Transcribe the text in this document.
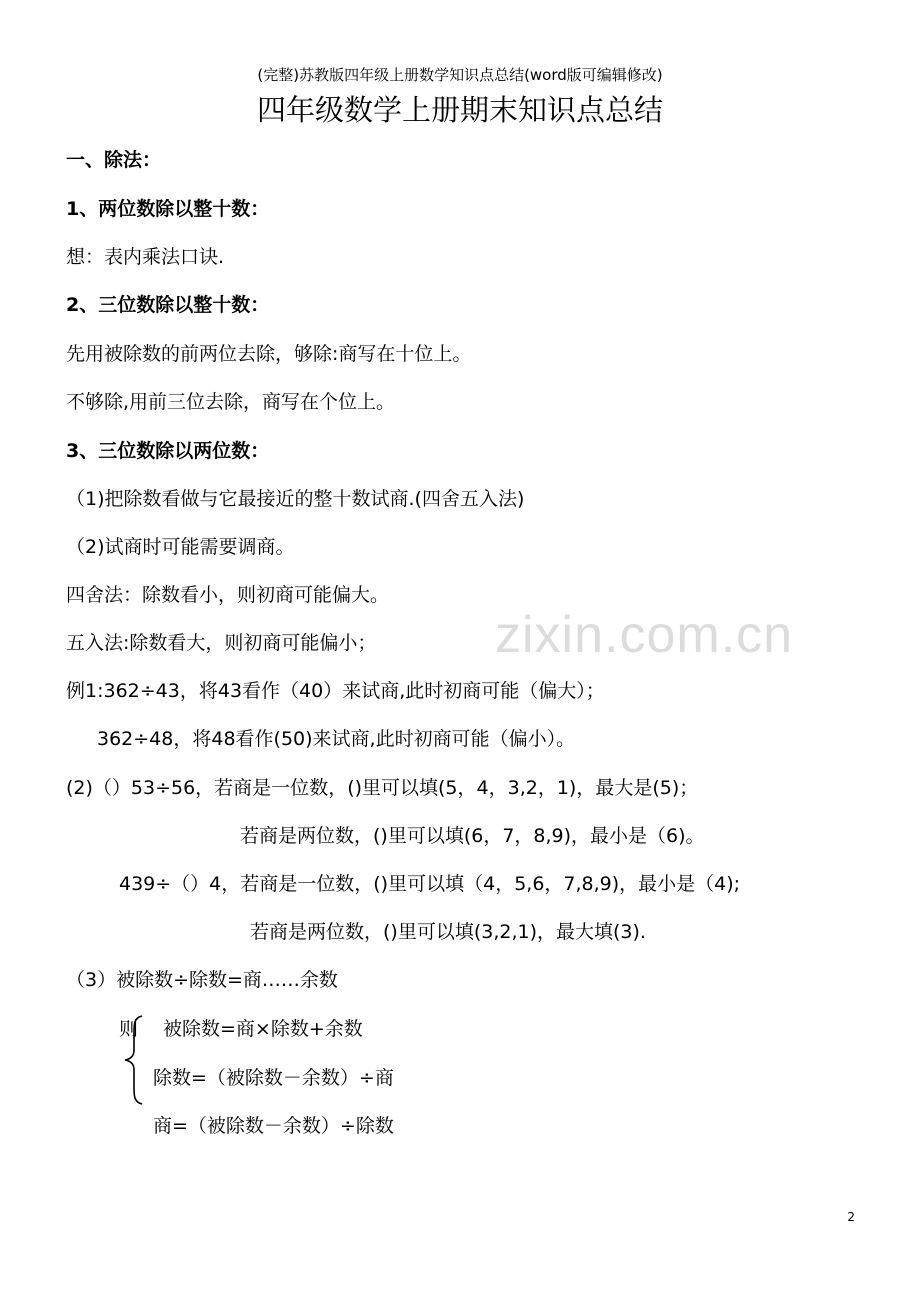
(完整)苏教版四年级上册数学知识点总结(word版可编辑修改)
四年级数学上册期末知识点总结
一、除法：
1、两位数除以整十数：
想：表内乘法口诀.
2、三位数除以整十数：
先用被除数的前两位去除，够除:商写在十位上。
不够除,用前三位去除，商写在个位上。
3、三位数除以两位数：
（1)把除数看做与它最接近的整十数试商.(四舍五入法)
（2)试商时可能需要调商。
四舍法：除数看小，则初商可能偏大。
五入法:除数看大，则初商可能偏小；
例1:362÷43，将43看作（40）来试商,此时初商可能（偏大）；
362÷48，将48看作(50)来试商,此时初商可能（偏小）。
(2)（）53÷56，若商是一位数，()里可以填(5，4，3,2，1)，最大是(5)；
若商是两位数，()里可以填(6，7，8,9)，最小是（6)。
439÷（）4，若商是一位数，()里可以填（4，5,6，7,8,9)，最小是（4);
若商是两位数，()里可以填(3,2,1)，最大填(3).
（3）被除数÷除数=商……余数
则 被除数=商×除数+余数
除数=（被除数－余数）÷商
商=（被除数－余数）÷除数
zixin.com.cn
2
